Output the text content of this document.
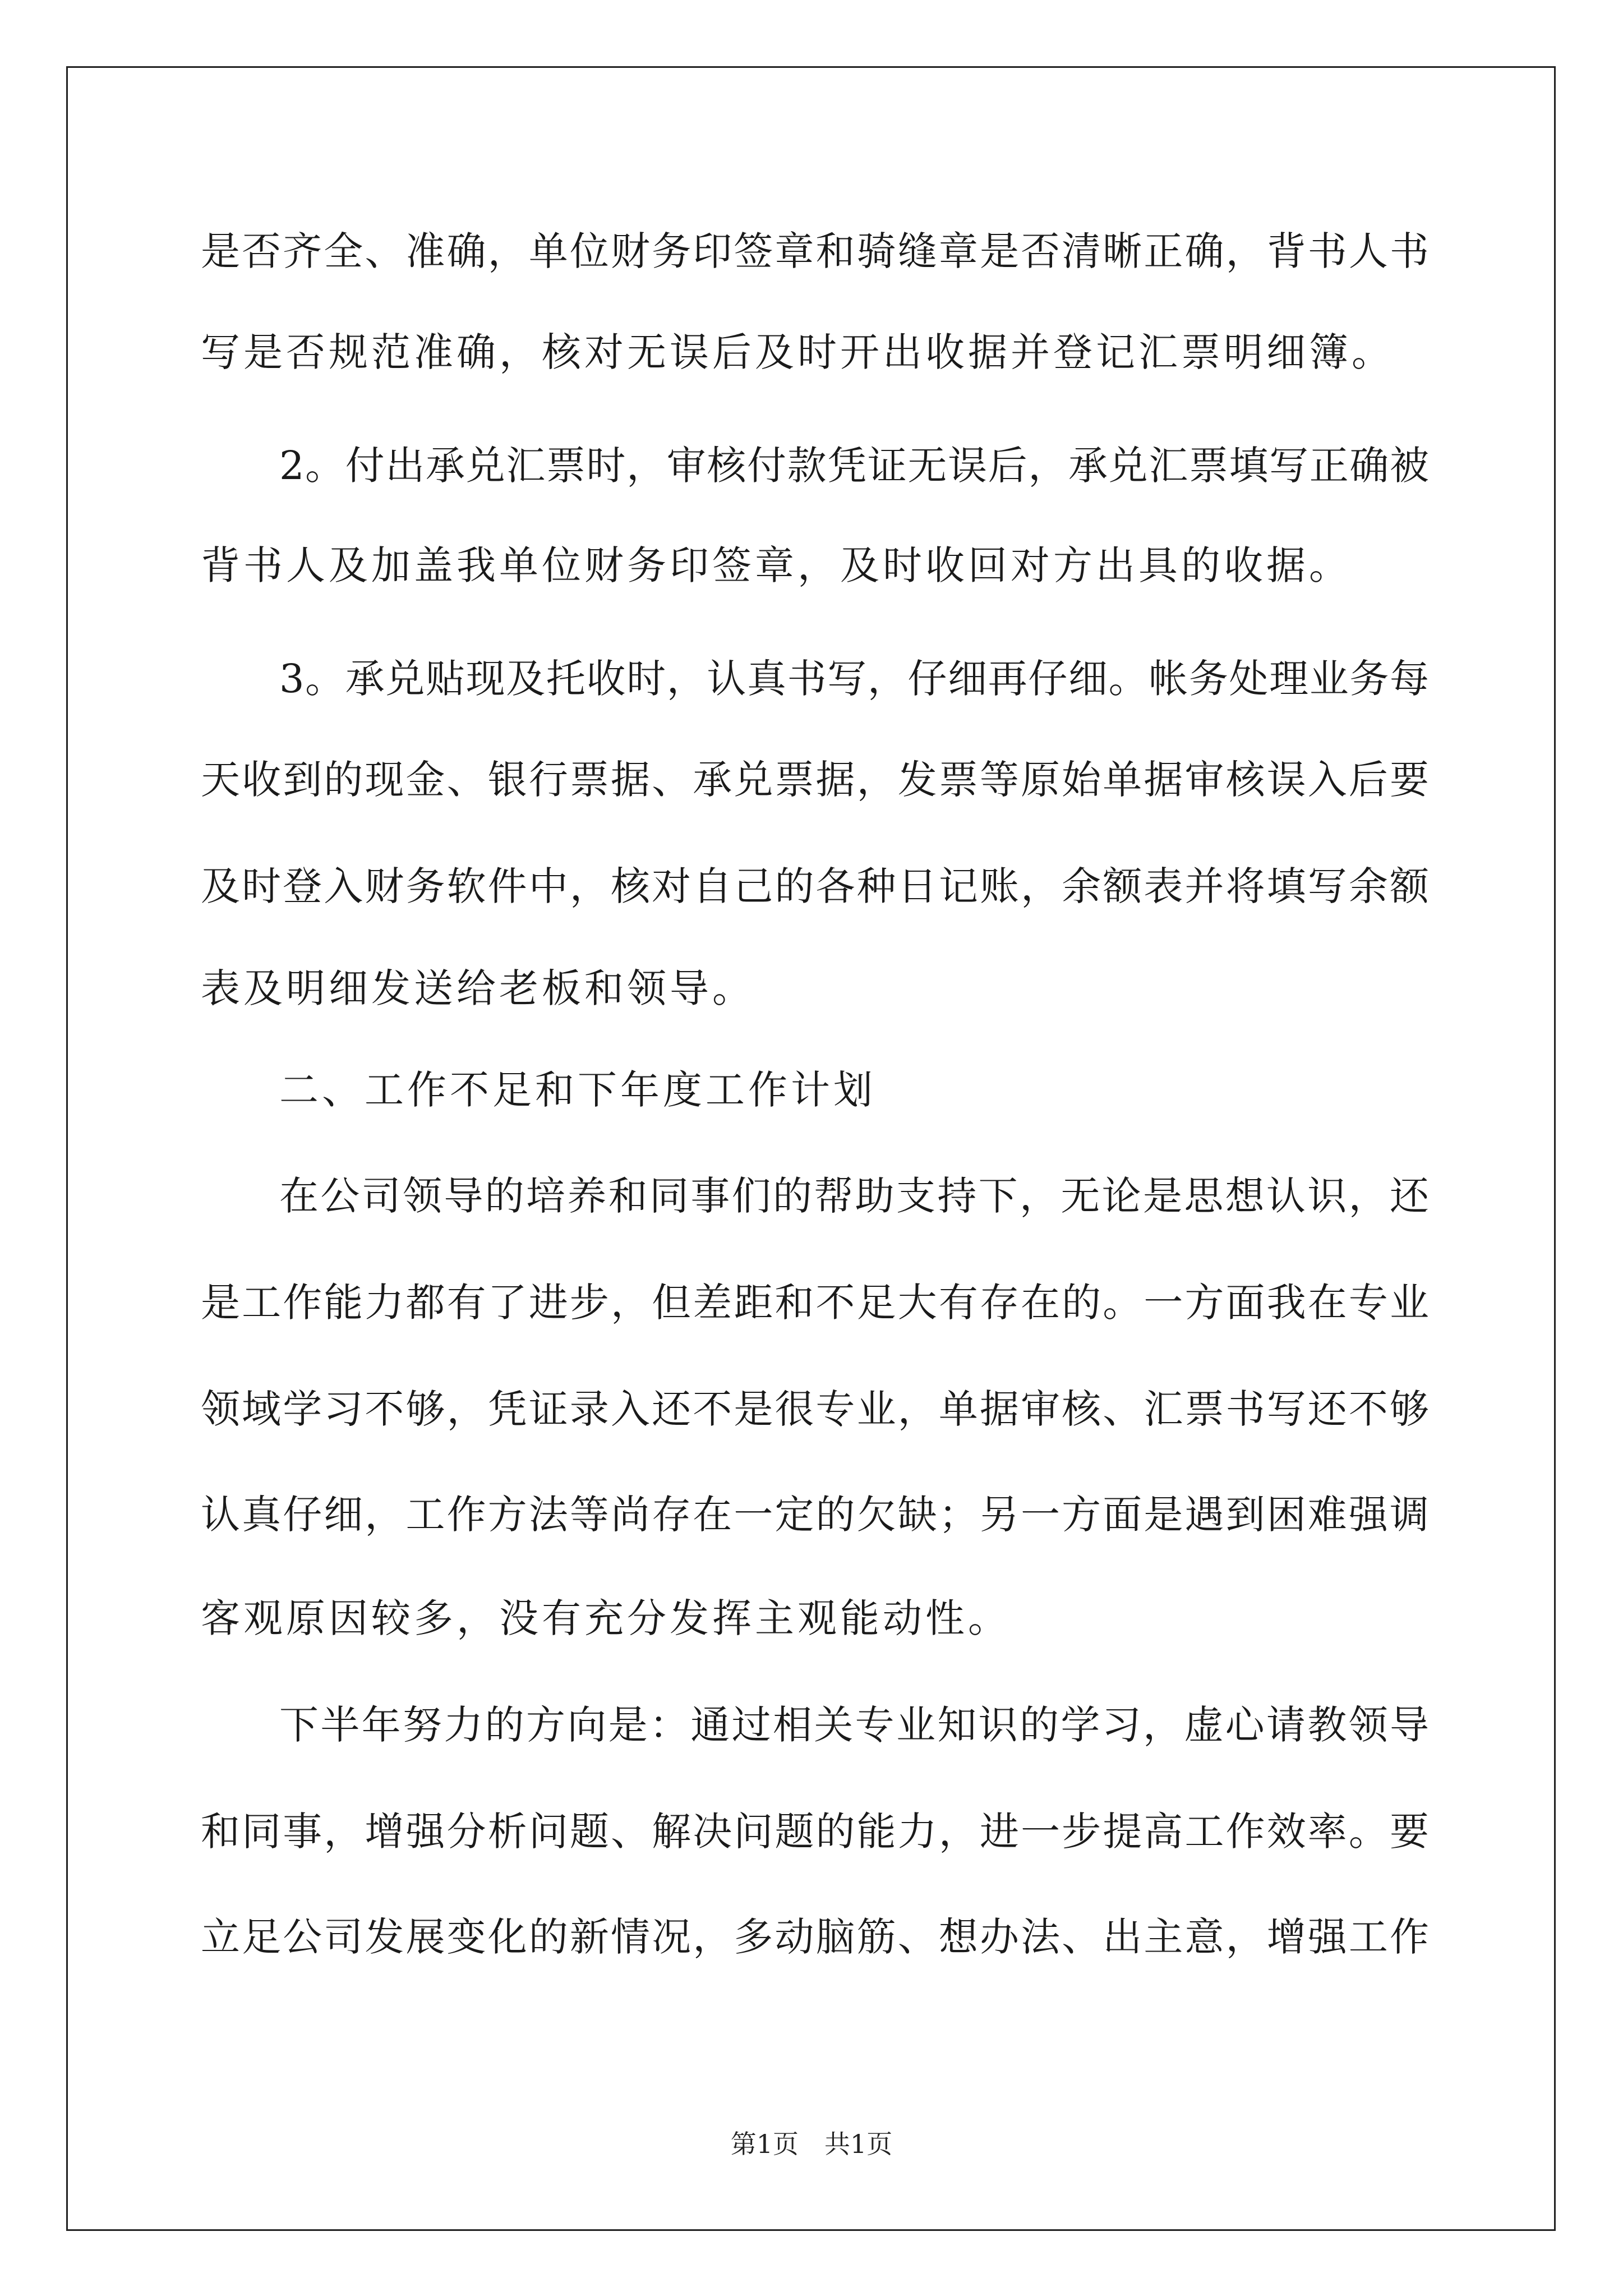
是否齐全、准确，单位财务印签章和骑缝章是否清晰正确，背书人书
写是否规范准确，核对无误后及时开出收据并登记汇票明细簿。
2。付出承兑汇票时，审核付款凭证无误后，承兑汇票填写正确被
背书人及加盖我单位财务印签章，及时收回对方出具的收据。
3。承兑贴现及托收时，认真书写，仔细再仔细。帐务处理业务每
天收到的现金、银行票据、承兑票据，发票等原始单据审核误入后要
及时登入财务软件中，核对自己的各种日记账，余额表并将填写余额
表及明细发送给老板和领导。
二、工作不足和下年度工作计划
在公司领导的培养和同事们的帮助支持下，无论是思想认识，还
是工作能力都有了进步，但差距和不足大有存在的。一方面我在专业
领域学习不够，凭证录入还不是很专业，单据审核、汇票书写还不够
认真仔细，工作方法等尚存在一定的欠缺；另一方面是遇到困难强调
客观原因较多，没有充分发挥主观能动性。
下半年努力的方向是：通过相关专业知识的学习，虚心请教领导
和同事，增强分析问题、解决问题的能力，进一步提高工作效率。要
立足公司发展变化的新情况，多动脑筋、想办法、出主意，增强工作
第1页　共1页
